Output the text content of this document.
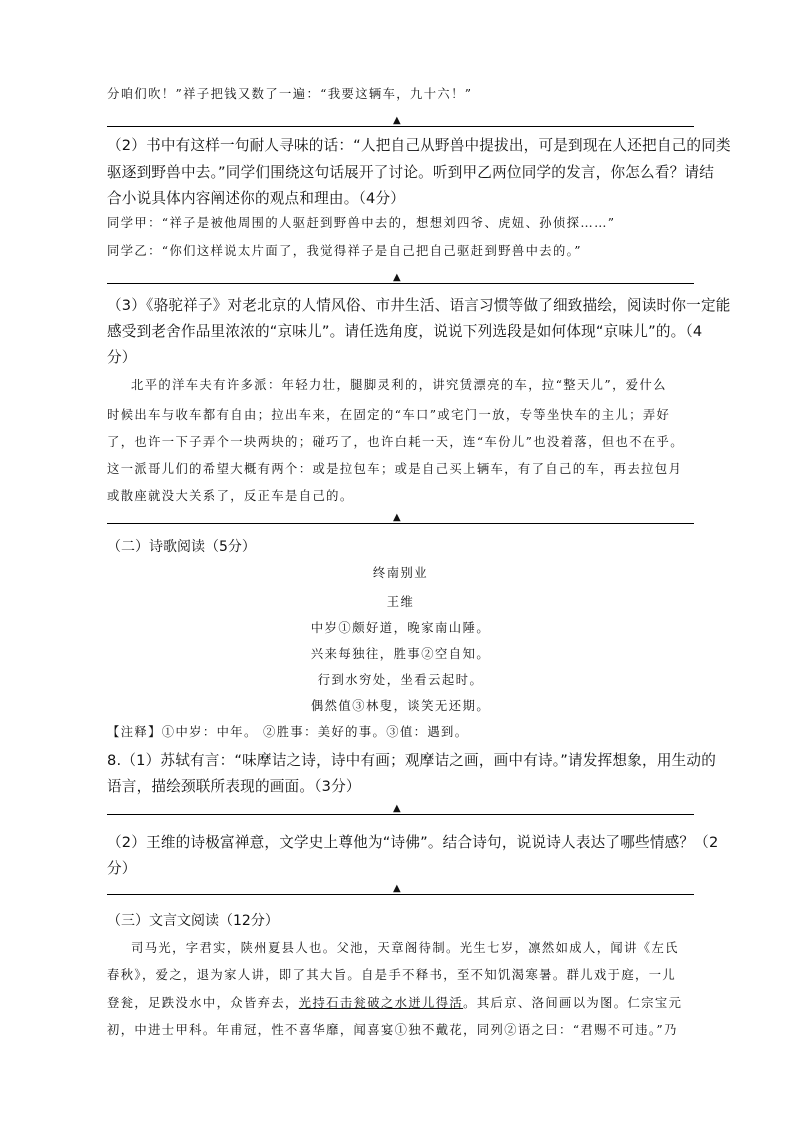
分咱们吹！”祥子把钱又数了一遍：“我要这辆车，九十六！”
▲
（2）书中有这样一句耐人寻味的话：“人把自己从野兽中提拔出，可是到现在人还把自己的同类
驱逐到野兽中去。”同学们围绕这句话展开了讨论。听到甲乙两位同学的发言，你怎么看？请结
合小说具体内容阐述你的观点和理由。（4分）
同学甲：“祥子是被他周围的人驱赶到野兽中去的，想想刘四爷、虎妞、孙侦探……”
同学乙：“你们这样说太片面了，我觉得祥子是自己把自己驱赶到野兽中去的。”
▲
（3）《骆驼祥子》对老北京的人情风俗、市井生活、语言习惯等做了细致描绘，阅读时你一定能
感受到老舍作品里浓浓的“京味儿”。请任选角度，说说下列选段是如何体现“京味儿”的。（4
分）
北平的洋车夫有许多派：年轻力壮，腿脚灵利的，讲究赁漂亮的车，拉“整天儿”，爱什么
时候出车与收车都有自由；拉出车来，在固定的“车口”或宅门一放，专等坐快车的主儿；弄好
了，也许一下子弄个一块两块的；碰巧了，也许白耗一天，连“车份儿”也没着落，但也不在乎。
这一派哥儿们的希望大概有两个：或是拉包车；或是自己买上辆车，有了自己的车，再去拉包月
或散座就没大关系了，反正车是自己的。
▲
（二）诗歌阅读（5分）
终南别业
王维
中岁①颇好道，晚家南山陲。
兴来每独往，胜事②空自知。
行到水穷处，坐看云起时。
偶然值③林叟，谈笑无还期。
【注释】①中岁：中年。 ②胜事：美好的事。③值：遇到。
8.（1）苏轼有言：“味摩诘之诗，诗中有画；观摩诘之画，画中有诗。”请发挥想象，用生动的
语言，描绘颈联所表现的画面。（3分）
▲
（2）王维的诗极富禅意，文学史上尊他为“诗佛”。结合诗句，说说诗人表达了哪些情感？（2
分）
▲
（三）文言文阅读（12分）
司马光，字君实，陕州夏县人也。父池，天章阁待制。光生七岁，凛然如成人，闻讲《左氏
春秋》，爱之，退为家人讲，即了其大旨。自是手不释书，至不知饥渴寒暑。群儿戏于庭，一儿
登瓮，足跌没水中，众皆弃去，光持石击瓮破之水迸儿得活。其后京、洛间画以为图。仁宗宝元
初，中进士甲科。年甫冠，性不喜华靡，闻喜宴①独不戴花，同列②语之曰：“君赐不可违。”乃
